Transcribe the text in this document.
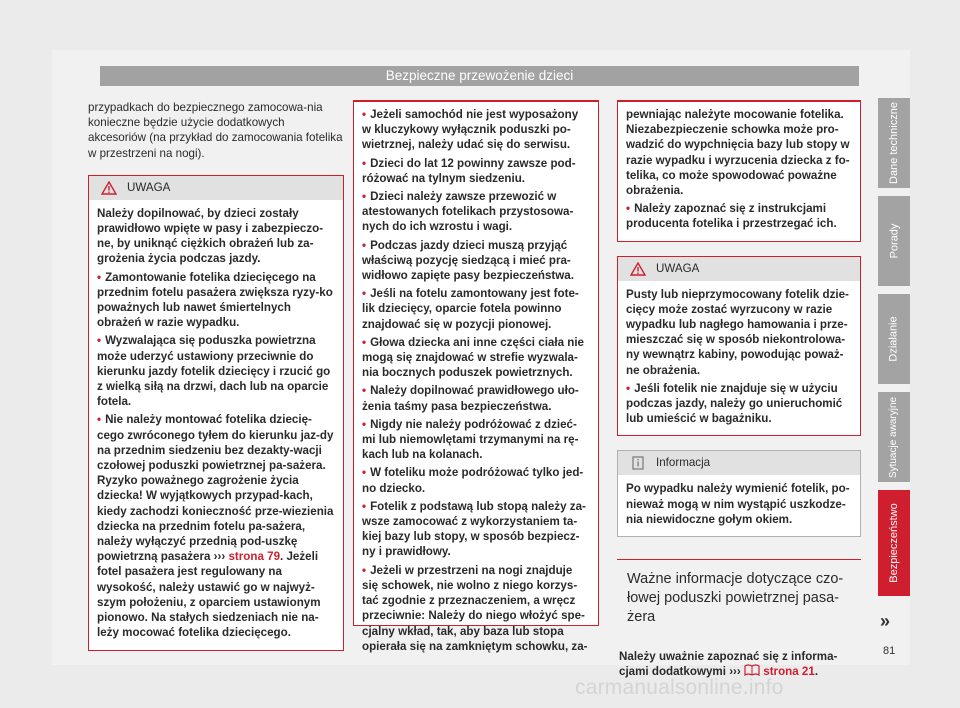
Bezpieczne przewożenie dzieci

przypadkach do bezpiecznego zamocowa-nia konieczne będzie użycie dodatkowych akcesoriów (na przykład do zamocowania fotelika w przestrzeni na nogi).

UWAGA

Należy dopilnować, by dzieci zostały prawidłowo wpięte w pasy i zabezpieczo-ne, by uniknąć ciężkich obrażeń lub za-grożenia życia podczas jazdy.

• Zamontowanie fotelika dziecięcego na przednim fotelu pasażera zwiększa ryzy-ko poważnych lub nawet śmiertelnych obrażeń w razie wypadku.

• Wyzwalająca się poduszka powietrzna może uderzyć ustawiony przeciwnie do kierunku jazdy fotelik dziecięcy i rzucić go z wielką siłą na drzwi, dach lub na oparcie fotela.

• Nie należy montować fotelika dziecię-cego zwróconego tyłem do kierunku jaz-dy na przednim siedzeniu bez dezakty-wacji czołowej poduszki powietrznej pa-sażera. Ryzyko poważnego zagrożenie życia dziecka! W wyjątkowych przypad-kach, kiedy zachodzi konieczność prze-wiezienia dziecka na przednim fotelu pa-sażera, należy wyłączyć przednią pod-uszkę powietrzną pasażera ››› strona 79. Jeżeli fotel pasażera jest regulowany na wysokość, należy ustawić go w najwyż-szym położeniu, z oparciem ustawionym pionowo. Na stałych siedzeniach nie na-leży mocować fotelika dziecięcego.

• Jeżeli samochód nie jest wyposażony w kluczykowy wyłącznik poduszki po-wietrznej, należy udać się do serwisu.

• Dzieci do lat 12 powinny zawsze pod-różować na tylnym siedzeniu.

• Dzieci należy zawsze przewozić w atestowanych fotelikach przystosowa-nych do ich wzrostu i wagi.

• Podczas jazdy dzieci muszą przyjąć właściwą pozycję siedzącą i mieć pra-widłowo zapięte pasy bezpieczeństwa.

• Jeśli na fotelu zamontowany jest fote-lik dziecięcy, oparcie fotela powinno znajdować się w pozycji pionowej.

• Głowa dziecka ani inne części ciała nie mogą się znajdować w strefie wyzwala-nia bocznych poduszek powietrznych.

• Należy dopilnować prawidłowego uło-żenia taśmy pasa bezpieczeństwa.

• Nigdy nie należy podróżować z dzieć-mi lub niemowlętami trzymanymi na rę-kach lub na kolanach.

• W foteliku może podróżować tylko jed-no dziecko.

• Fotelik z podstawą lub stopą należy za-wsze zamocować z wykorzystaniem ta-kiej bazy lub stopy, w sposób bezpiecz-ny i prawidłowy.

• Jeżeli w przestrzeni na nogi znajduje się schowek, nie wolno z niego korzys-tać zgodnie z przeznaczeniem, a wręcz przeciwnie: Należy do niego włożyć spe-cjalny wkład, tak, aby baza lub stopa opierała się na zamkniętym schowku, za-

pewniając należyte mocowanie fotelika. Niezabezpieczenie schowka może pro-wadzić do wypchnięcia bazy lub stopy w razie wypadku i wyrzucenia dziecka z fo-telika, co może spowodować poważne obrażenia.

• Należy zapoznać się z instrukcjami producenta fotelika i przestrzegać ich.

UWAGA

Pusty lub nieprzymocowany fotelik dzie-cięcy może zostać wyrzucony w razie wypadku lub nagłego hamowania i prze-mieszczać się w sposób niekontrolowa-ny wewnątrz kabiny, powodując poważ-ne obrażenia.

• Jeśli fotelik nie znajduje się w użyciu podczas jazdy, należy go unieruchomić lub umieścić w bagażniku.

Informacja

Po wypadku należy wymienić fotelik, po-nieważ mogą w nim wystąpić uszkodze-nia niewidoczne gołym okiem.

Ważne informacje dotyczące czo-łowej poduszki powietrznej pasa-żera

Należy uważnie zapoznać się z informa-cjami dodatkowymi ››› strona 21.

»
81
Dane techniczne
Porady
Działanie
Sytuacje awaryjne
Bezpieczeństwo
carmanualsonline.info
